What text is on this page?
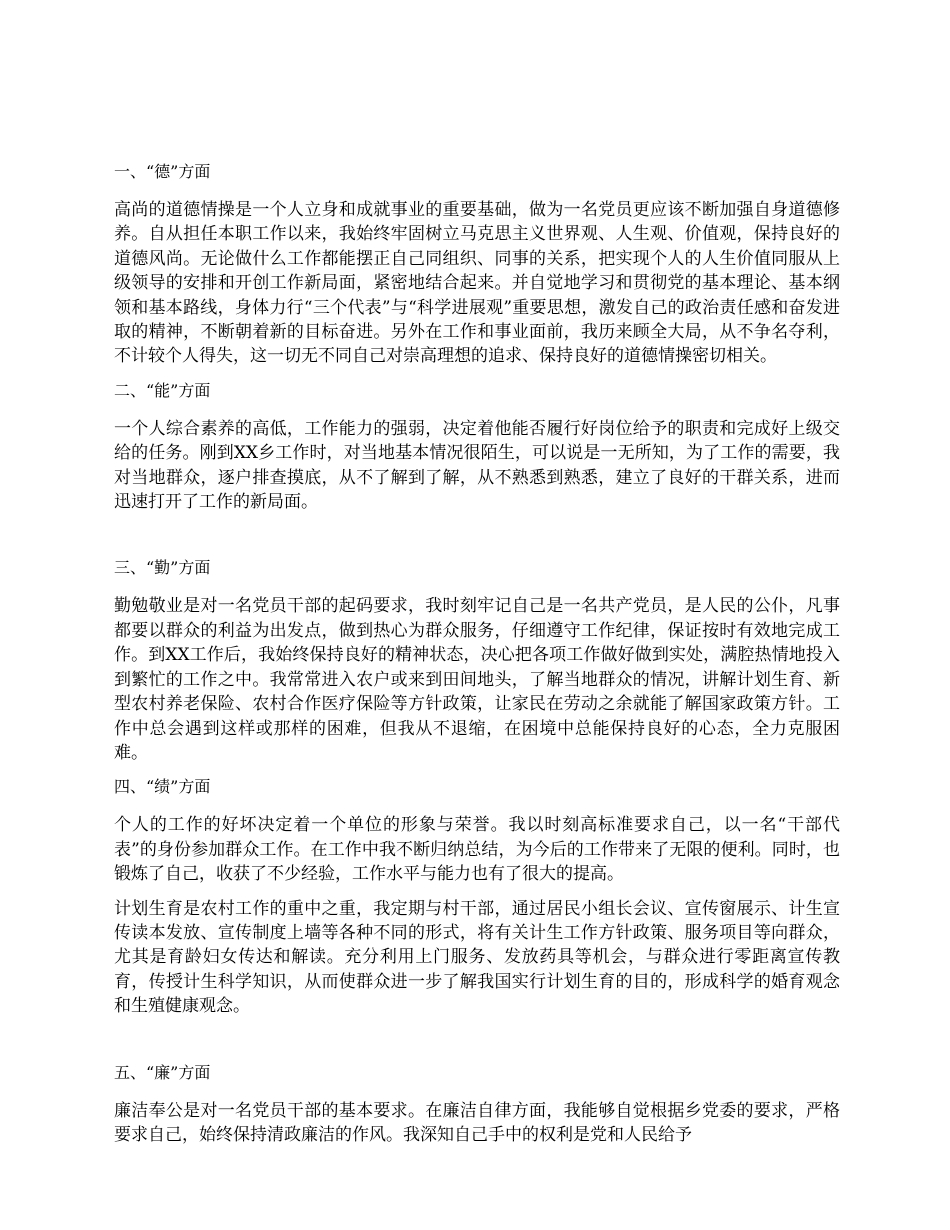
一、“德”方面
高尚的道德情操是一个人立身和成就事业的重要基础，做为一名党员更应该不断加强自身道德修养。自从担任本职工作以来，我始终牢固树立马克思主义世界观、人生观、价值观，保持良好的道德风尚。无论做什么工作都能摆正自己同组织、同事的关系，把实现个人的人生价值同服从上级领导的安排和开创工作新局面，紧密地结合起来。并自觉地学习和贯彻党的基本理论、基本纲领和基本路线，身体力行“三个代表”与“科学进展观”重要思想，激发自己的政治责任感和奋发进取的精神，不断朝着新的目标奋进。另外在工作和事业面前，我历来顾全大局，从不争名夺利，不计较个人得失，这一切无不同自己对崇高理想的追求、保持良好的道德情操密切相关。
二、“能”方面
一个人综合素养的高低，工作能力的强弱，决定着他能否履行好岗位给予的职责和完成好上级交给的任务。刚到XX乡工作时，对当地基本情况很陌生，可以说是一无所知，为了工作的需要，我对当地群众，逐户排查摸底，从不了解到了解，从不熟悉到熟悉，建立了良好的干群关系，进而迅速打开了工作的新局面。
三、“勤”方面
勤勉敬业是对一名党员干部的起码要求，我时刻牢记自己是一名共产党员，是人民的公仆，凡事都要以群众的利益为出发点，做到热心为群众服务，仔细遵守工作纪律，保证按时有效地完成工作。到XX工作后，我始终保持良好的精神状态，决心把各项工作做好做到实处，满腔热情地投入到繁忙的工作之中。我常常进入农户或来到田间地头，了解当地群众的情况，讲解计划生育、新型农村养老保险、农村合作医疗保险等方针政策，让家民在劳动之余就能了解国家政策方针。工作中总会遇到这样或那样的困难，但我从不退缩，在困境中总能保持良好的心态，全力克服困难。
四、“绩”方面
个人的工作的好坏决定着一个单位的形象与荣誉。我以时刻高标准要求自己，以一名“干部代表”的身份参加群众工作。在工作中我不断归纳总结，为今后的工作带来了无限的便利。同时，也锻炼了自己，收获了不少经验，工作水平与能力也有了很大的提高。
计划生育是农村工作的重中之重，我定期与村干部，通过居民小组长会议、宣传窗展示、计生宣传读本发放、宣传制度上墙等各种不同的形式，将有关计生工作方针政策、服务项目等向群众，尤其是育龄妇女传达和解读。充分利用上门服务、发放药具等机会，与群众进行零距离宣传教育，传授计生科学知识，从而使群众进一步了解我国实行计划生育的目的，形成科学的婚育观念和生殖健康观念。
五、“廉”方面
廉洁奉公是对一名党员干部的基本要求。在廉洁自律方面，我能够自觉根据乡党委的要求，严格要求自己，始终保持清政廉洁的作风。我深知自己手中的权利是党和人民给予
